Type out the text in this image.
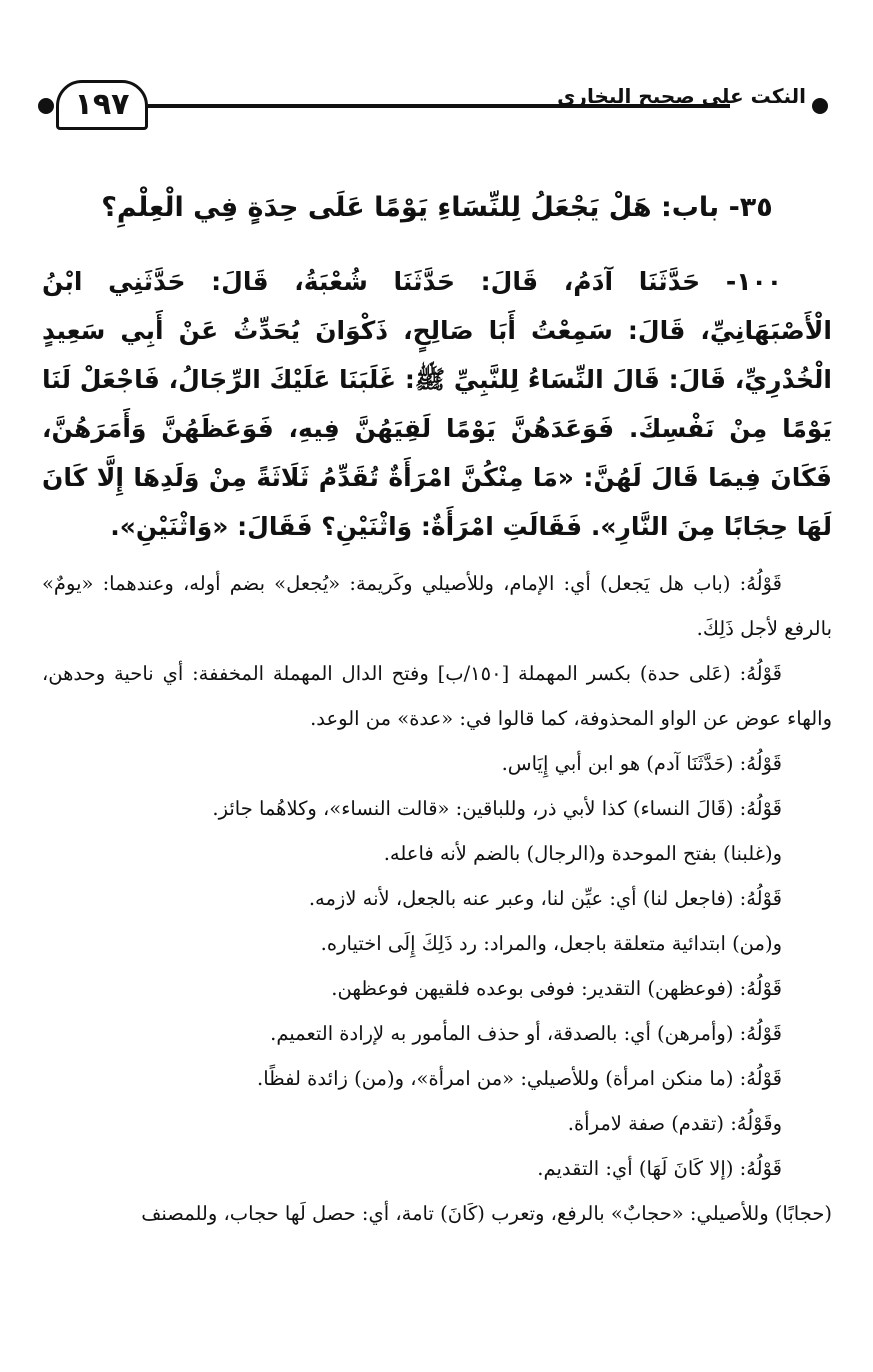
١٩٧	النكت على صحيح البخاري
٣٥- باب: هَلْ يَجْعَلُ لِلنِّسَاءِ يَوْمًا عَلَى حِدَةٍ فِي الْعِلْمِ؟

١٠٠- حَدَّثَنَا آدَمُ، قَالَ: حَدَّثَنَا شُعْبَةُ، قَالَ: حَدَّثَنِي ابْنُ الْأَصْبَهَانِيِّ، قَالَ: سَمِعْتُ أَبَا صَالِحٍ، ذَكْوَانَ يُحَدِّثُ عَنْ أَبِي سَعِيدٍ الْخُدْرِيِّ، قَالَ: قَالَ النِّسَاءُ لِلنَّبِيِّ ﷺ: غَلَبَنَا عَلَيْكَ الرِّجَالُ، فَاجْعَلْ لَنَا يَوْمًا مِنْ نَفْسِكَ. فَوَعَدَهُنَّ يَوْمًا لَقِيَهُنَّ فِيهِ، فَوَعَظَهُنَّ وَأَمَرَهُنَّ، فَكَانَ فِيمَا قَالَ لَهُنَّ: «مَا مِنْكُنَّ امْرَأَةٌ تُقَدِّمُ ثَلَاثَةً مِنْ وَلَدِهَا إِلَّا كَانَ لَهَا حِجَابًا مِنَ النَّارِ». فَقَالَتِ امْرَأَةٌ: وَاثْنَيْنِ؟ فَقَالَ: «وَاثْنَيْنِ».

قَوْلُهُ: (باب هل يَجعل) أي: الإمام، وللأصيلي وكَريمة: «يُجعل» بضم أوله، وعندهما: «يومٌ» بالرفع لأجل ذَلِكَ.

قَوْلُهُ: (عَلى حدة) بكسر المهملة [١٥٠/ب] وفتح الدال المهملة المخففة: أي ناحية وحدهن، والهاء عوض عن الواو المحذوفة، كما قالوا في: «عدة» من الوعد.

قَوْلُهُ: (حَدَّثَنَا آدم) هو ابن أبي إِيَاس.

قَوْلُهُ: (قَالَ النساء) كذا لأبي ذر، وللباقين: «قالت النساء»، وكلاهُما جائز.

و(غلبنا) بفتح الموحدة و(الرجال) بالضم لأنه فاعله.

قَوْلُهُ: (فاجعل لنا) أي: عيِّن لنا، وعبر عنه بالجعل، لأنه لازمه.

و(من) ابتدائية متعلقة باجعل، والمراد: رد ذَلِكَ إِلَى اختياره.

قَوْلُهُ: (فوعظهن) التقدير: فوفى بوعده فلقيهن فوعظهن.

قَوْلُهُ: (وأمرهن) أي: بالصدقة، أو حذف المأمور به لإرادة التعميم.

قَوْلُهُ: (ما منكن امرأة) وللأصيلي: «من امرأة»، و(من) زائدة لفظًا.

وقَوْلُهُ: (تقدم) صفة لامرأة.

قَوْلُهُ: (إلا كَانَ لَهَا) أي: التقديم.

(حجابًا) وللأصيلي: «حجابٌ» بالرفع، وتعرب (كَانَ) تامة، أي: حصل لَها حجاب، وللمصنف
